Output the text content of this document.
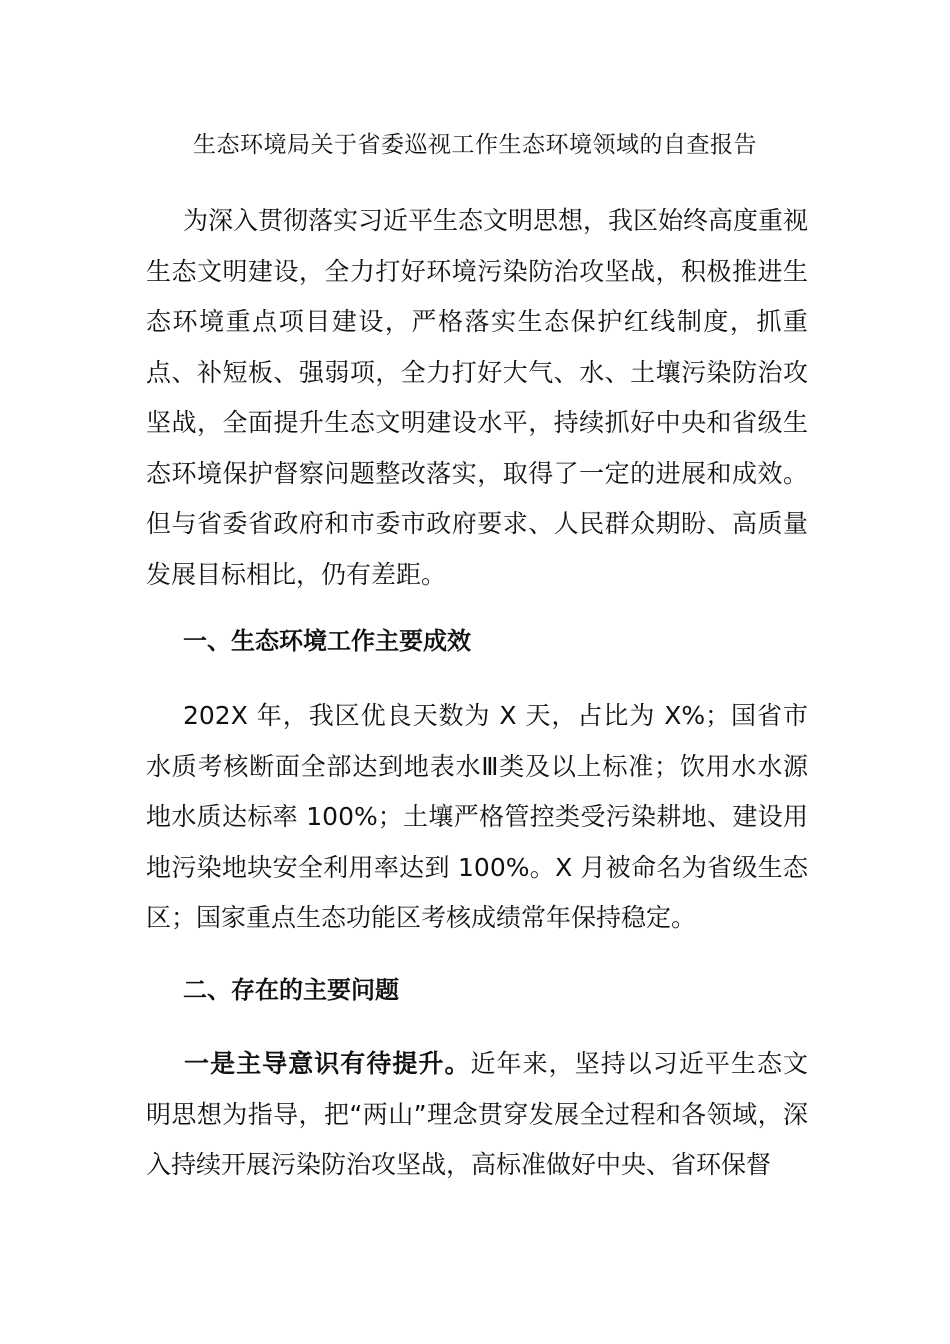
生态环境局关于省委巡视工作生态环境领域的自查报告

为深入贯彻落实习近平生态文明思想，我区始终高度重视生态文明建设，全力打好环境污染防治攻坚战，积极推进生态环境重点项目建设，严格落实生态保护红线制度，抓重点、补短板、强弱项，全力打好大气、水、土壤污染防治攻坚战，全面提升生态文明建设水平，持续抓好中央和省级生态环境保护督察问题整改落实，取得了一定的进展和成效。但与省委省政府和市委市政府要求、人民群众期盼、高质量发展目标相比，仍有差距。

一、生态环境工作主要成效

202X 年，我区优良天数为 X 天，占比为 X%；国省市水质考核断面全部达到地表水Ⅲ类及以上标准；饮用水水源地水质达标率 100%；土壤严格管控类受污染耕地、建设用地污染地块安全利用率达到 100%。X 月被命名为省级生态区；国家重点生态功能区考核成绩常年保持稳定。

二、存在的主要问题

一是主导意识有待提升。近年来，坚持以习近平生态文明思想为指导，把“两山”理念贯穿发展全过程和各领域，深入持续开展污染防治攻坚战，高标准做好中央、省环保督
